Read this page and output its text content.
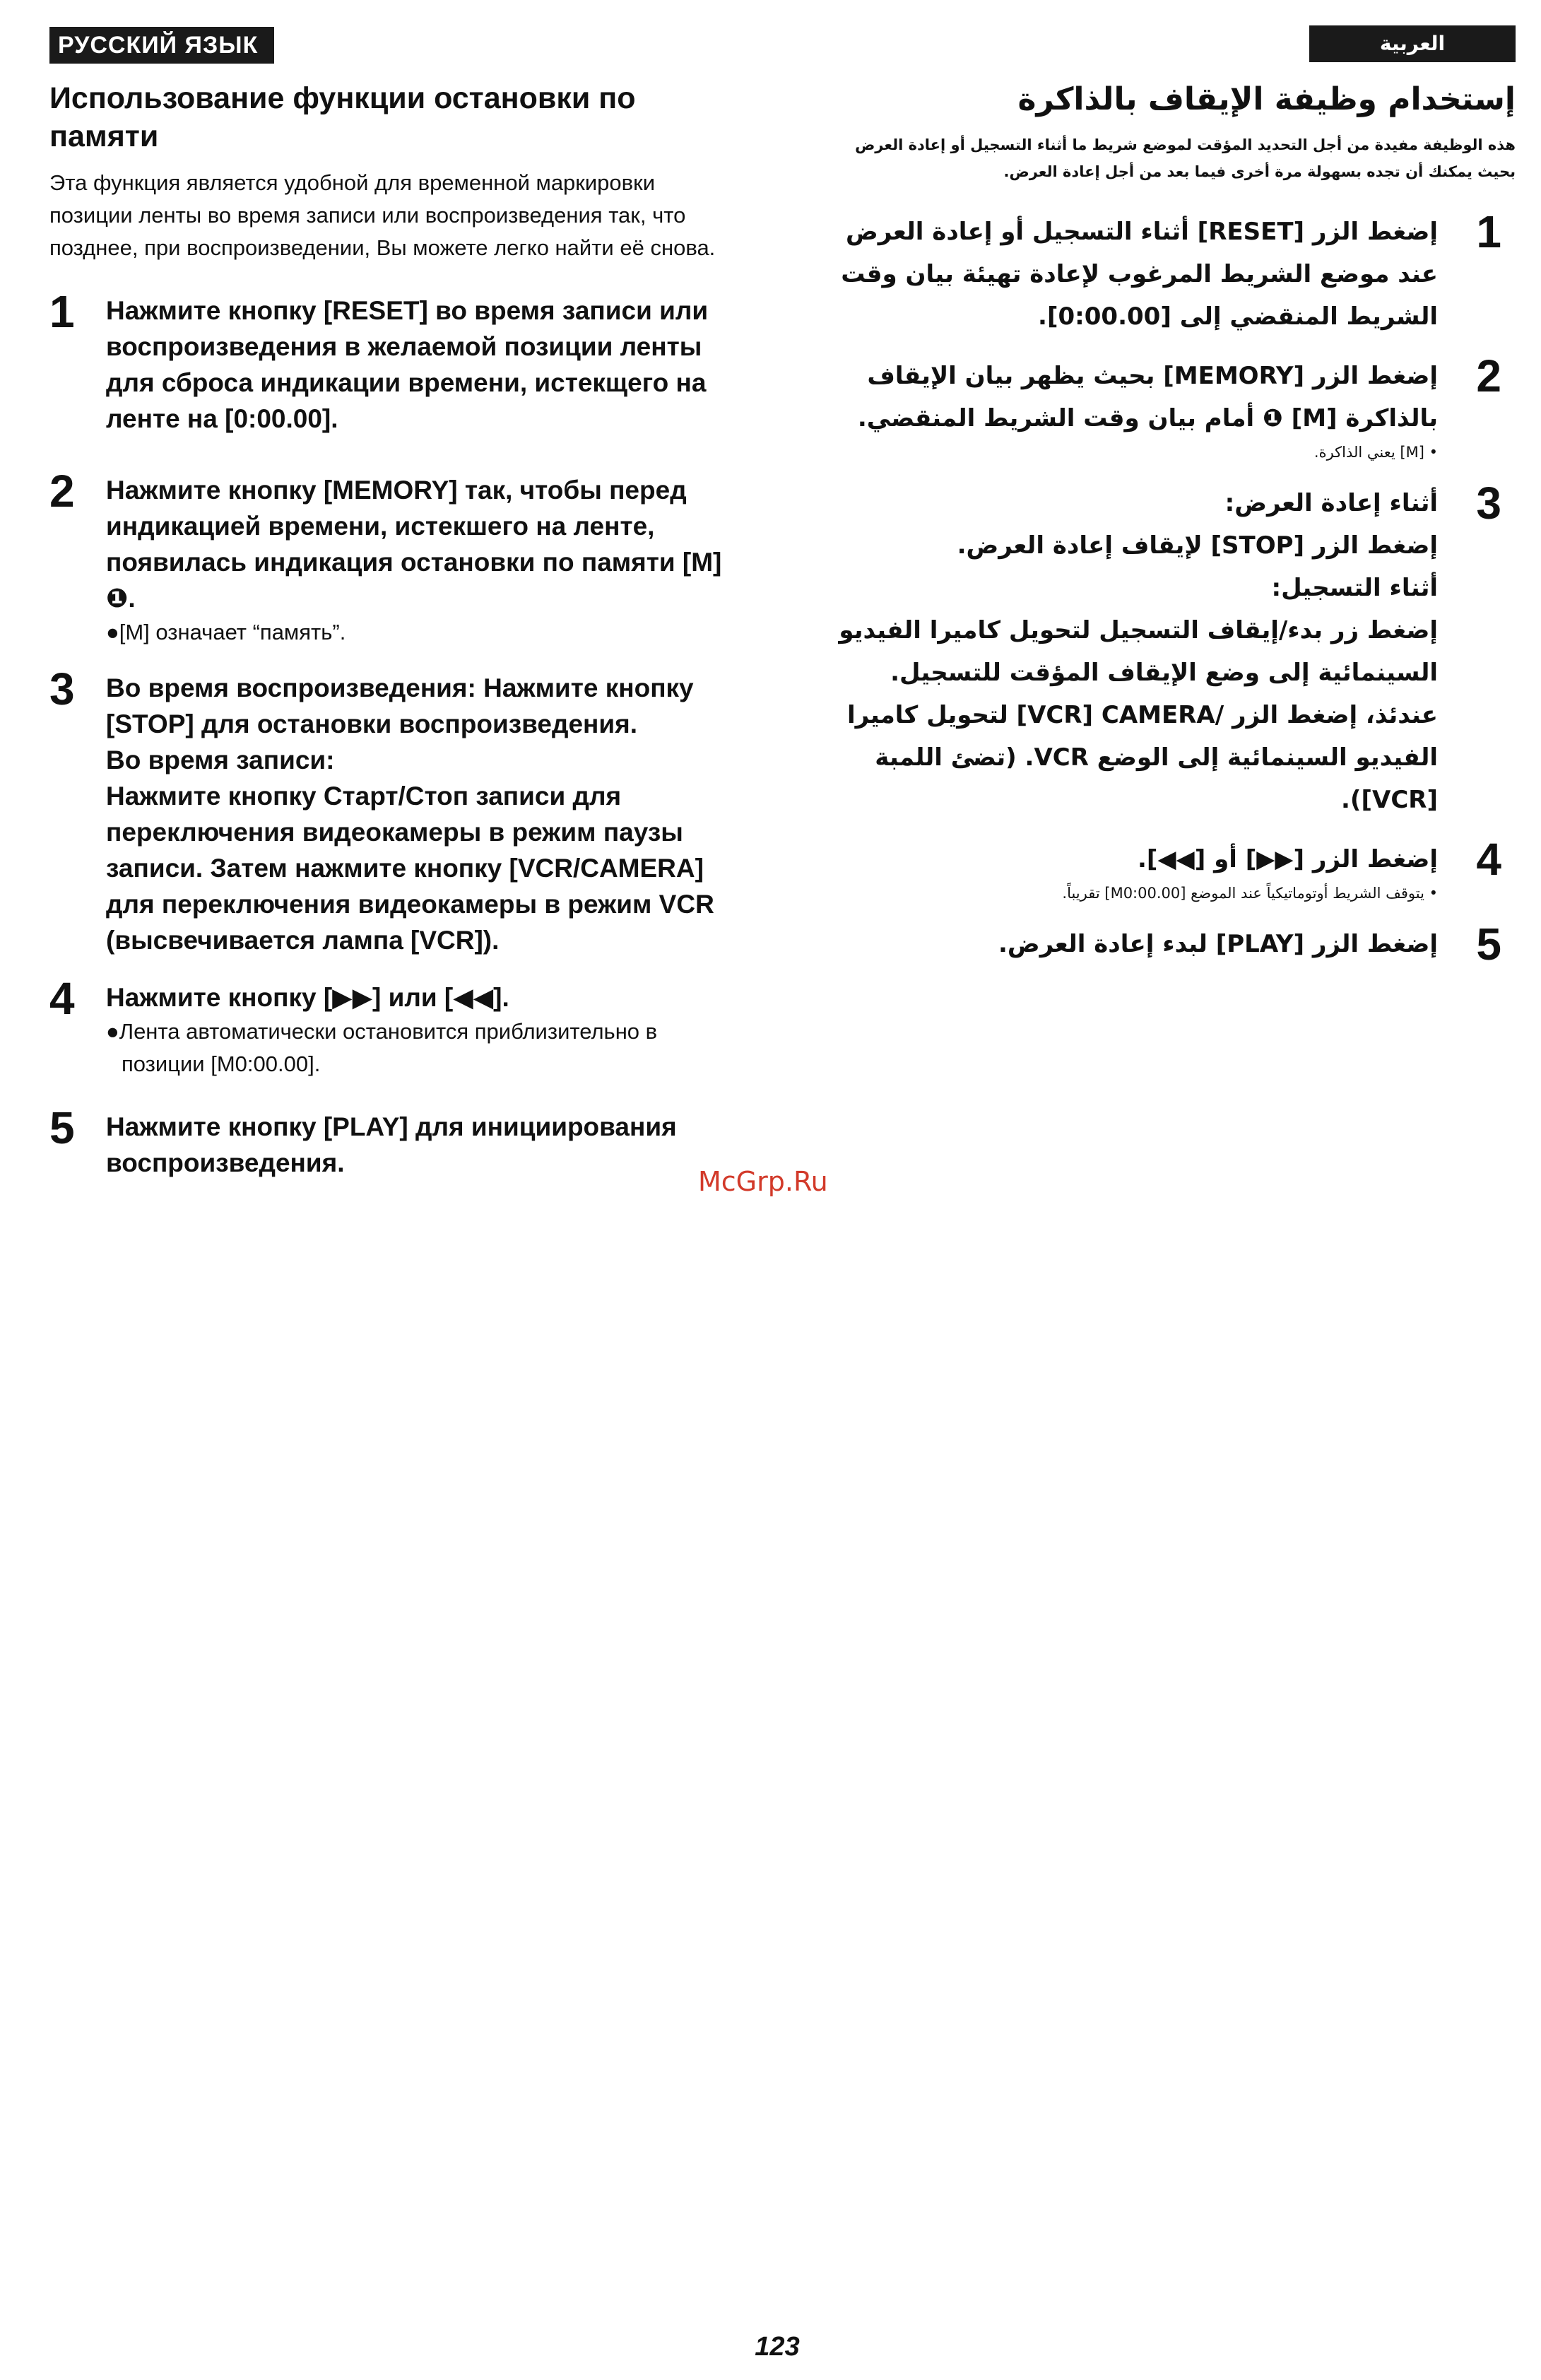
РУССКИЙ ЯЗЫК	العربية
Использование функции остановки по памяти

Эта функция является удобной для временной маркировки позиции ленты во время записи или воспроизведения так, что позднее, при воспроизведении, Вы можете легко найти её снова.

1 Нажмите кнопку [RESET] во время записи или воспроизведения в желаемой позиции ленты для сброса индикации времени, истекщего на ленте на [0:00.00].
2 Нажмите кнопку [MEMORY] так, чтобы перед индикацией времени, истекшего на ленте, появилась индикация остановки по памяти [M] ❶.
●[M] означает “память”.
3 Во время воспроизведения: Нажмите кнопку [STOP] для остановки воспроизведения.
Во время записи:
Нажмите кнопку Старт/Стоп записи для переключения видеокамеры в режим паузы записи. Затем нажмите кнопку [VCR/CAMERA] для переключения видеокамеры в режим VCR (высвечивается лампа [VCR]).
4 Нажмите кнопку [▶▶] или [◀◀].
●Лента автоматически остановится приблизительно в позиции [M0:00.00].
5 Нажмите кнопку [PLAY] для инициирования воспроизведения.
إستخدام وظيفة الإيقاف بالذاكرة

هذه الوظيفة مفيدة من أجل التحديد المؤقت لموضع شريط ما أثناء التسجيل أو إعادة العرض بحيث يمكنك أن تجده بسهولة مرة أخرى فيما بعد من أجل إعادة العرض.

1
إضغط الزر [RESET] أثناء التسجيل أو إعادة العرض عند موضع الشريط المرغوب لإعادة تهيئة بيان وقت الشريط المنقضي إلى [0:00.00].
2
إضغط الزر [MEMORY] بحيث يظهر بيان الإيقاف بالذاكرة [M] ❶ أمام بيان وقت الشريط المنقضي.
• [M] يعني الذاكرة.
3
أثناء إعادة العرض:
إضغط الزر [STOP] لإيقاف إعادة العرض.
أثناء التسجيل:
إضغط زر بدء/إيقاف التسجيل لتحويل كاميرا الفيديو السينمائية إلى وضع الإيقاف المؤقت للتسجيل. عندئذ، إضغط الزر /VCR] CAMERA] لتحويل كاميرا الفيديو السينمائية إلى الوضع VCR. (تضئ اللمبة [VCR]).
4
إضغط الزر [▶▶] أو [◀◀].
• يتوقف الشريط أوتوماتيكياً عند الموضع [M0:00.00] تقريباً.
5
إضغط الزر [PLAY] لبدء إعادة العرض.
McGrp.Ru
123
